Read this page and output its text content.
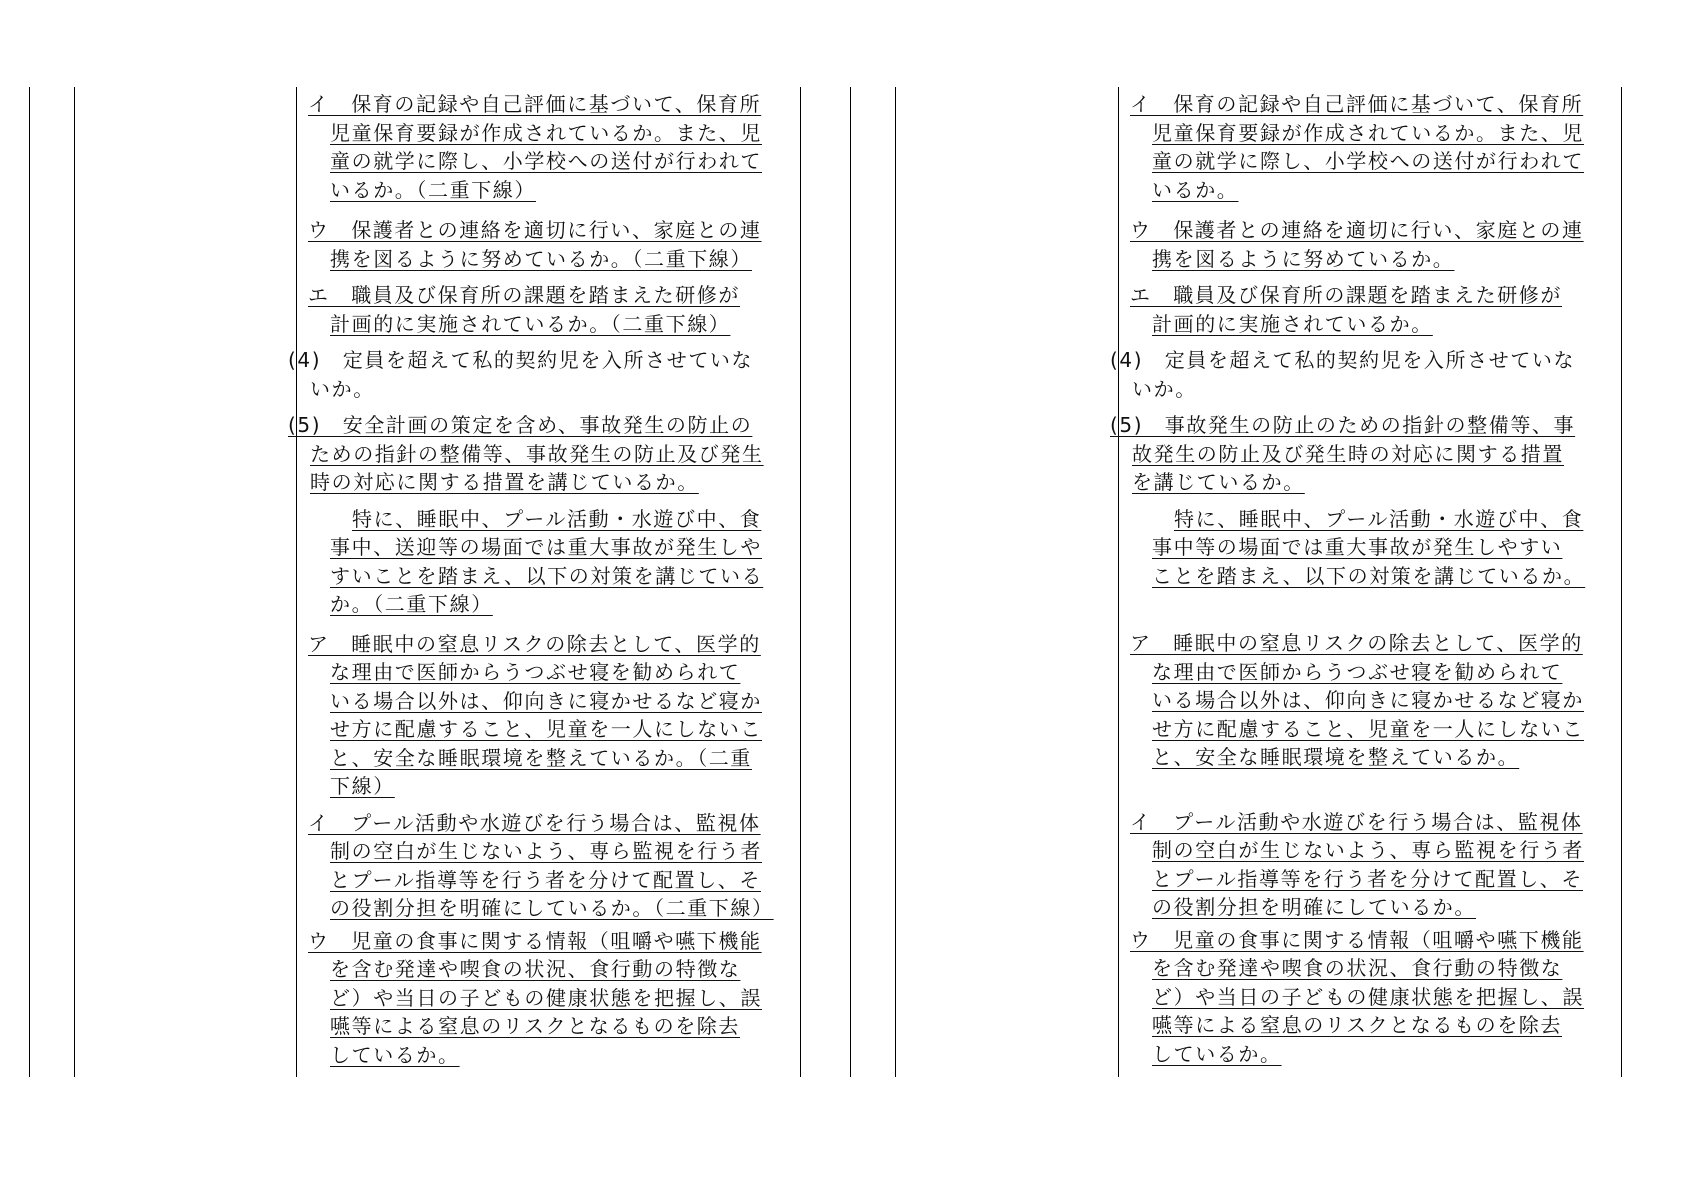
イ　保育の記録や自己評価に基づいて、保育所
児童保育要録が作成されているか。また、児
童の就学に際し、小学校への送付が行われて
いるか。（二重下線）
ウ　保護者との連絡を適切に行い、家庭との連
携を図るように努めているか。（二重下線）
エ　職員及び保育所の課題を踏まえた研修が
計画的に実施されているか。（二重下線）
(4)　定員を超えて私的契約児を入所させていな
いか。
(5)　安全計画の策定を含め、事故発生の防止の
ための指針の整備等、事故発生の防止及び発生
時の対応に関する措置を講じているか。
特に、睡眠中、プール活動・水遊び中、食
事中、送迎等の場面では重大事故が発生しや
すいことを踏まえ、以下の対策を講じている
か。（二重下線）
ア　睡眠中の窒息リスクの除去として、医学的
な理由で医師からうつぶせ寝を勧められて
いる場合以外は、仰向きに寝かせるなど寝か
せ方に配慮すること、児童を一人にしないこ
と、安全な睡眠環境を整えているか。（二重
下線）
イ　プール活動や水遊びを行う場合は、監視体
制の空白が生じないよう、専ら監視を行う者
とプール指導等を行う者を分けて配置し、そ
の役割分担を明確にしているか。（二重下線）
ウ　児童の食事に関する情報（咀嚼や嚥下機能
を含む発達や喫食の状況、食行動の特徴な
ど）や当日の子どもの健康状態を把握し、誤
嚥等による窒息のリスクとなるものを除去
しているか。
イ　保育の記録や自己評価に基づいて、保育所
児童保育要録が作成されているか。また、児
童の就学に際し、小学校への送付が行われて
いるか。
ウ　保護者との連絡を適切に行い、家庭との連
携を図るように努めているか。
エ　職員及び保育所の課題を踏まえた研修が
計画的に実施されているか。
(4)　定員を超えて私的契約児を入所させていな
いか。
(5)　事故発生の防止のための指針の整備等、事
故発生の防止及び発生時の対応に関する措置
を講じているか。
特に、睡眠中、プール活動・水遊び中、食
事中等の場面では重大事故が発生しやすい
ことを踏まえ、以下の対策を講じているか。
ア　睡眠中の窒息リスクの除去として、医学的
な理由で医師からうつぶせ寝を勧められて
いる場合以外は、仰向きに寝かせるなど寝か
せ方に配慮すること、児童を一人にしないこ
と、安全な睡眠環境を整えているか。
イ　プール活動や水遊びを行う場合は、監視体
制の空白が生じないよう、専ら監視を行う者
とプール指導等を行う者を分けて配置し、そ
の役割分担を明確にしているか。
ウ　児童の食事に関する情報（咀嚼や嚥下機能
を含む発達や喫食の状況、食行動の特徴な
ど）や当日の子どもの健康状態を把握し、誤
嚥等による窒息のリスクとなるものを除去
しているか。
